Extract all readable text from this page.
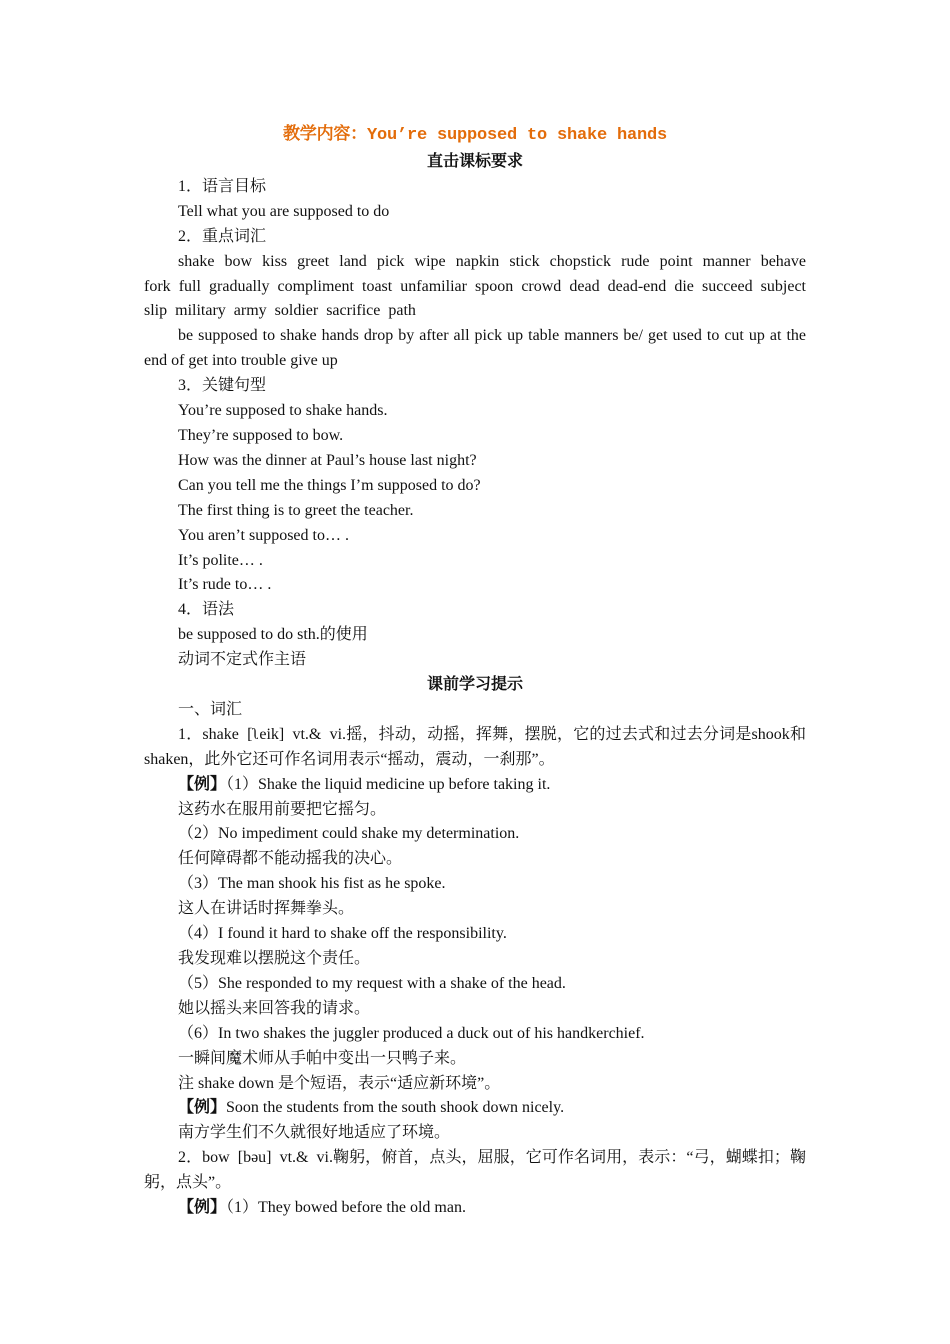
教学内容：You’re supposed to shake hands

直击课标要求

1．语言目标

Tell what you are supposed to do

2．重点词汇

shake bow kiss greet land pick wipe napkin stick chopstick rude point manner behave fork full gradually compliment toast unfamiliar spoon crowd dead dead-end die succeed subject slip military army soldier sacrifice path

be supposed to shake hands drop by after all pick up table manners be/ get used to cut up at the end of get into trouble give up

3．关键句型

You’re supposed to shake hands.

They’re supposed to bow.

How was the dinner at Paul’s house last night?

Can you tell me the things I’m supposed to do?

The first thing is to greet the teacher.

You aren’t supposed to… .

It’s polite… .

It’s rude to… .

4．语法

be supposed to do sth.的使用

动词不定式作主语

课前学习提示

一、词汇

1．shake [ʅeik] vt.& vi.摇，抖动，动摇，挥舞，摆脱，它的过去式和过去分词是shook和shaken，此外它还可作名词用表示“摇动，震动，一刹那”。

【例】（1）Shake the liquid medicine up before taking it.

这药水在服用前要把它摇匀。

（2）No impediment could shake my determination.

任何障碍都不能动摇我的决心。

（3）The man shook his fist as he spoke.

这人在讲话时挥舞拳头。

（4）I found it hard to shake off the responsibility.

我发现难以摆脱这个责任。

（5）She responded to my request with a shake of the head.

她以摇头来回答我的请求。

（6）In two shakes the juggler produced a duck out of his handkerchief.

一瞬间魔术师从手帕中变出一只鸭子来。

注 shake down 是个短语，表示“适应新环境”。

【例】Soon the students from the south shook down nicely.

南方学生们不久就很好地适应了环境。

2．bow [bəu] vt.& vi.鞠躬，俯首，点头，屈服，它可作名词用，表示：“弓，蝴蝶扣；鞠躬，点头”。

【例】（1）They bowed before the old man.
